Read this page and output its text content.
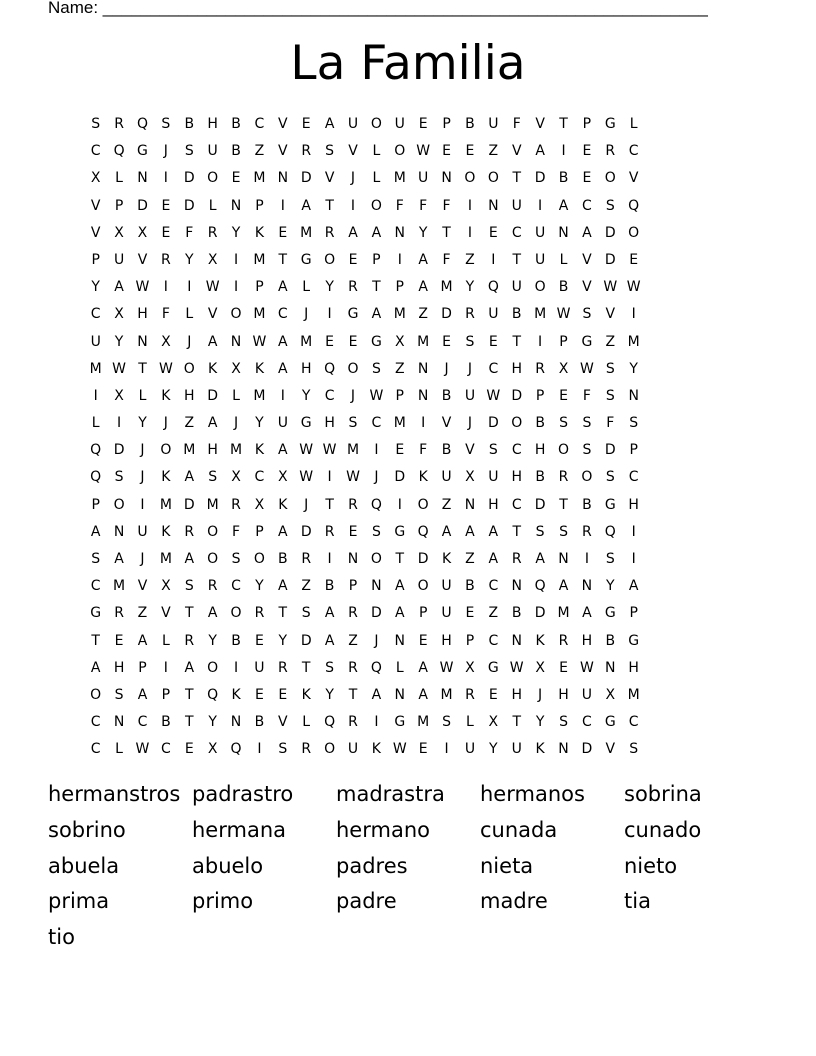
Name: ________________________________________________________________
La Familia
S	R Q S	B H B C V	E	A U O U E	P	B U	F	V	T	P G	L
C Q G	J	S U B Z V R	S	V	L O W E	E	Z V A	I	E	R C
X	L	N	I	D O E M N D V	J	L M U N O O T D B	E O V
V	P D E D	L	N P	I	A	T	I	O F	F	F	I	N U	I	A C	S Q
V X X	E	F	R	Y	K	E M R A A N Y	T	I	E	C U N A D O
P	U V R	Y	X	I	M T G O E	P	I	A	F	Z	I	T U	L	V D E
Y	A W	I	I	W	I	P	A	L	Y	R	T	P	A M Y Q U O B V W W
C X H	F	L	V O M C	J	I	G A M Z D R U B M W S	V	I
U Y N X	J	A N W A M E	E G X M E	S	E	T	I	P G Z M
M W T W O K	X	K	A H Q O S	Z N	J	J	C H R X W S	Y
I	X	L	K H D	L M	I	Y	C	J	W P N B U W D P	E	F	S N
L	I	Y	J	Z A	J	Y U G H S	C M	I	V	J	D O B	S	S	F	S
Q D	J	O M H M K	A W W M	I	E	F	B V	S	C H O S D P
Q S	J	K	A	S	X C X W	I	W	J	D K U X U H B R O S	C
P O	I	M D M R X	K	J	T	R Q	I	O Z N H C D T	B G H
A N U K R O F	P	A D R	E	S G Q A A A	T	S	S	R Q	I
S	A	J	M A O S O B R	I	N O T D K	Z A R A N	I	S	I
C M V X	S	R C	Y	A Z B	P N A O U B C N Q A N Y	A
G R Z V	T	A O R	T	S	A R D A	P	U E	Z B D M A G P
T	E	A	L	R	Y	B	E	Y D A Z	J	N E H P	C N K R H B G
A H P	I	A O	I	U R	T	S	R Q L	A W X G W X	E W N H
O S	A	P	T Q K	E	E	K	Y	T	A N A M R	E H	J	H U X M
C N C B	T	Y N B V	L Q R	I	G M S	L	X	T	Y	S	C G C
C	L W C	E	X Q	I	S	R O U K W E	I	U Y U K N D V	S
hermanstros padrastro	madrastra	hermanos	sobrina
sobrino	hermana	hermano	cunada	cunado
abuela	abuelo	padres	nieta	nieto
prima	primo	padre	madre	tia
tio
